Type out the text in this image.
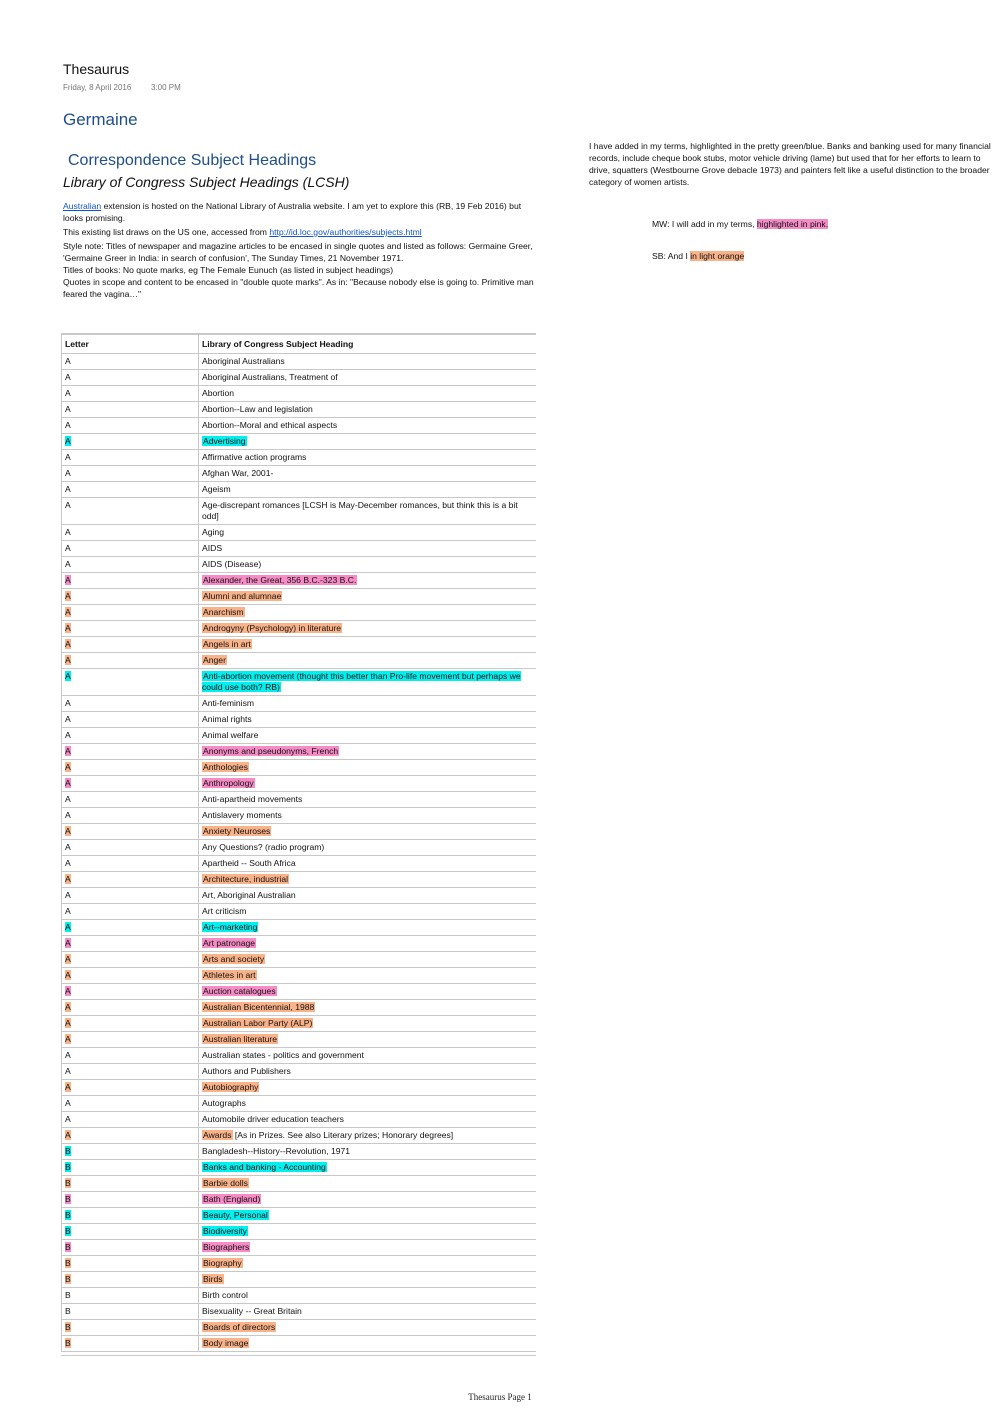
Thesaurus
Friday, 8 April 2016 3:00 PM
Germaine
Correspondence Subject Headings
Library of Congress Subject Headings (LCSH)
Australian extension is hosted on the National Library of Australia website. I am yet to explore this (RB, 19 Feb 2016) but looks promising.
This existing list draws on the US one, accessed from http://id.loc.gov/authorities/subjects.html
Style note: Titles of newspaper and magazine articles to be encased in single quotes and listed as follows: Germaine Greer, 'Germaine Greer in India: in search of confusion', The Sunday Times, 21 November 1971.
Titles of books: No quote marks, eg The Female Eunuch (as listed in subject headings)
Quotes in scope and content to be encased in "double quote marks". As in: "Because nobody else is going to. Primitive man feared the vagina…"
I have added in my terms, highlighted in the pretty green/blue. Banks and banking used for many financial records, include cheque book stubs, motor vehicle driving (lame) but used that for her efforts to learn to drive, squatters (Westbourne Grove debacle 1973) and painters felt like a useful distinction to the broader category of women artists.
MW: I will add in my terms, highlighted in pink.
SB: And I in light orange
Letter	Library of Congress Subject Heading
A	Aboriginal Australians
A	Aboriginal Australians, Treatment of
A	Abortion
A	Abortion--Law and legislation
A	Abortion--Moral and ethical aspects
A	Advertising
A	Affirmative action programs
A	Afghan War, 2001-
A	Ageism
A	Age-discrepant romances [LCSH is May-December romances, but think this is a bit odd]
A	Aging
A	AIDS
A	AIDS (Disease)
A	Alexander, the Great, 356 B.C.-323 B.C.
A	Alumni and alumnae
A	Anarchism
A	Androgyny (Psychology) in literature
A	Angels in art
A	Anger
A	Anti-abortion movement (thought this better than Pro-life movement but perhaps we could use both? RB)
A	Anti-feminism
A	Animal rights
A	Animal welfare
A	Anonyms and pseudonyms, French
A	Anthologies
A	Anthropology
A	Anti-apartheid movements
A	Antislavery moments
A	Anxiety Neuroses
A	Any Questions? (radio program)
A	Apartheid -- South Africa
A	Architecture, industrial
A	Art, Aboriginal Australian
A	Art criticism
A	Art--marketing
A	Art patronage
A	Arts and society
A	Athletes in art
A	Auction catalogues
A	Australian Bicentennial, 1988
A	Australian Labor Party (ALP)
A	Australian literature
A	Australian states - politics and government
A	Authors and Publishers
A	Autobiography
A	Autographs
A	Automobile driver education teachers
A	Awards [As in Prizes. See also Literary prizes; Honorary degrees]
B	Bangladesh--History--Revolution, 1971
B	Banks and banking - Accounting
B	Barbie dolls
B	Bath (England)
B	Beauty, Personal
B	Biodiversity
B	Biographers
B	Biography
B	Birds
B	Birth control
B	Bisexuality -- Great Britain
B	Boards of directors
B	Body image
Thesaurus Page 1
